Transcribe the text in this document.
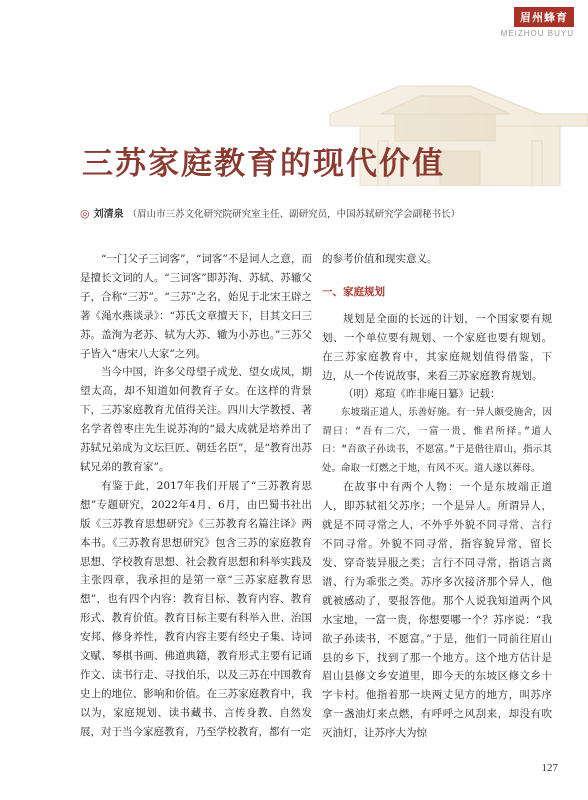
眉州蜂育
MEIZHOU BUYU
三苏家庭教育的现代价值
◎ 刘清泉 （眉山市三苏文化研究院研究室主任、副研究员，中国苏轼研究学会副秘书长）

“一门父子三词客”，“词客”不是词人之意，而是擅长文词的人。“三词客”即苏洵、苏轼、苏辙父子，合称“三苏”。“三苏”之名，始见于北宋王辟之著《渑水燕谈录》：“苏氏文章擅天下，目其文曰三苏。盖洵为老苏、轼为大苏、辙为小苏也。”三苏父子皆入“唐宋八大家”之列。

当今中国，许多父母望子成龙、望女成凤，期望太高，却不知道如何教育子女。在这样的背景下，三苏家庭教育尤值得关注。四川大学教授、著名学者曾枣庄先生说苏洵的“最大成就是培养出了苏轼兄弟成为文坛巨匠、朝廷名臣”，是“教育出苏轼兄弟的教育家”。

有鉴于此，2017年我们开展了“三苏教育思想”专题研究，2022年4月、6月，由巴蜀书社出版《三苏教育思想研究》《三苏教育名篇注译》两本书。《三苏教育思想研究》包含三苏的家庭教育思想、学校教育思想、社会教育思想和科举实践及主张四章，我承担的是第一章“三苏家庭教育思想”，也有四个内容：教育目标、教育内容、教育形式、教育价值。教育目标主要有科举入世、治国安邦、修身养性，教育内容主要有经史子集、诗词文赋、琴棋书画、佛道典籍，教育形式主要有记诵作文、读书行走、寻找伯乐，以及三苏在中国教育史上的地位、影响和价值。在三苏家庭教育中，我以为，家庭规划、读书藏书、言传身教、自然发展，对于当今家庭教育，乃至学校教育，都有一定

的参考价值和现实意义。

一、家庭规划

规划是全面的长远的计划，一个国家要有规划、一个单位要有规划、一个家庭也要有规划。在三苏家庭教育中，其家庭规划值得借鉴，下边，从一个传说故事，来看三苏家庭教育规划。

（明）郑瑄《昨非庵日纂》记载：

东坡瑞正道人，乐善好施。有一异人颇受施舍，因谓曰：“吾有二穴，一富一贵，惟君所择。”道人曰：“吾欲子孙读书，不愿富。”于是偕往眉山，指示其处。命取一灯燃之于地，有风不灭。道人遂以葬母。

在故事中有两个人物：一个是东坡端正道人，即苏轼祖父苏序；一个是异人。所谓异人，就是不同寻常之人，不外乎外貌不同寻常、言行不同寻常。外貌不同寻常，指容貌异常，留长发、穿奇装异服之类；言行不同寻常，指语言离谱、行为乖张之类。苏序多次接济那个异人，他就被感动了，要报答他。那个人说我知道两个风水宝地，一富一贵，你想要哪一个？苏序说：“我欲子孙读书，不愿富。”于是，他们一同前往眉山县的乡下，找到了那一个地方。这个地方估计是眉山县修文乡安道里，即今天的东坡区修文乡十字卡村。他指着那一块两丈见方的地方，叫苏序拿一盏油灯来点燃，有呼呼之风刮来，却没有吹灭油灯，让苏序大为惊

127
